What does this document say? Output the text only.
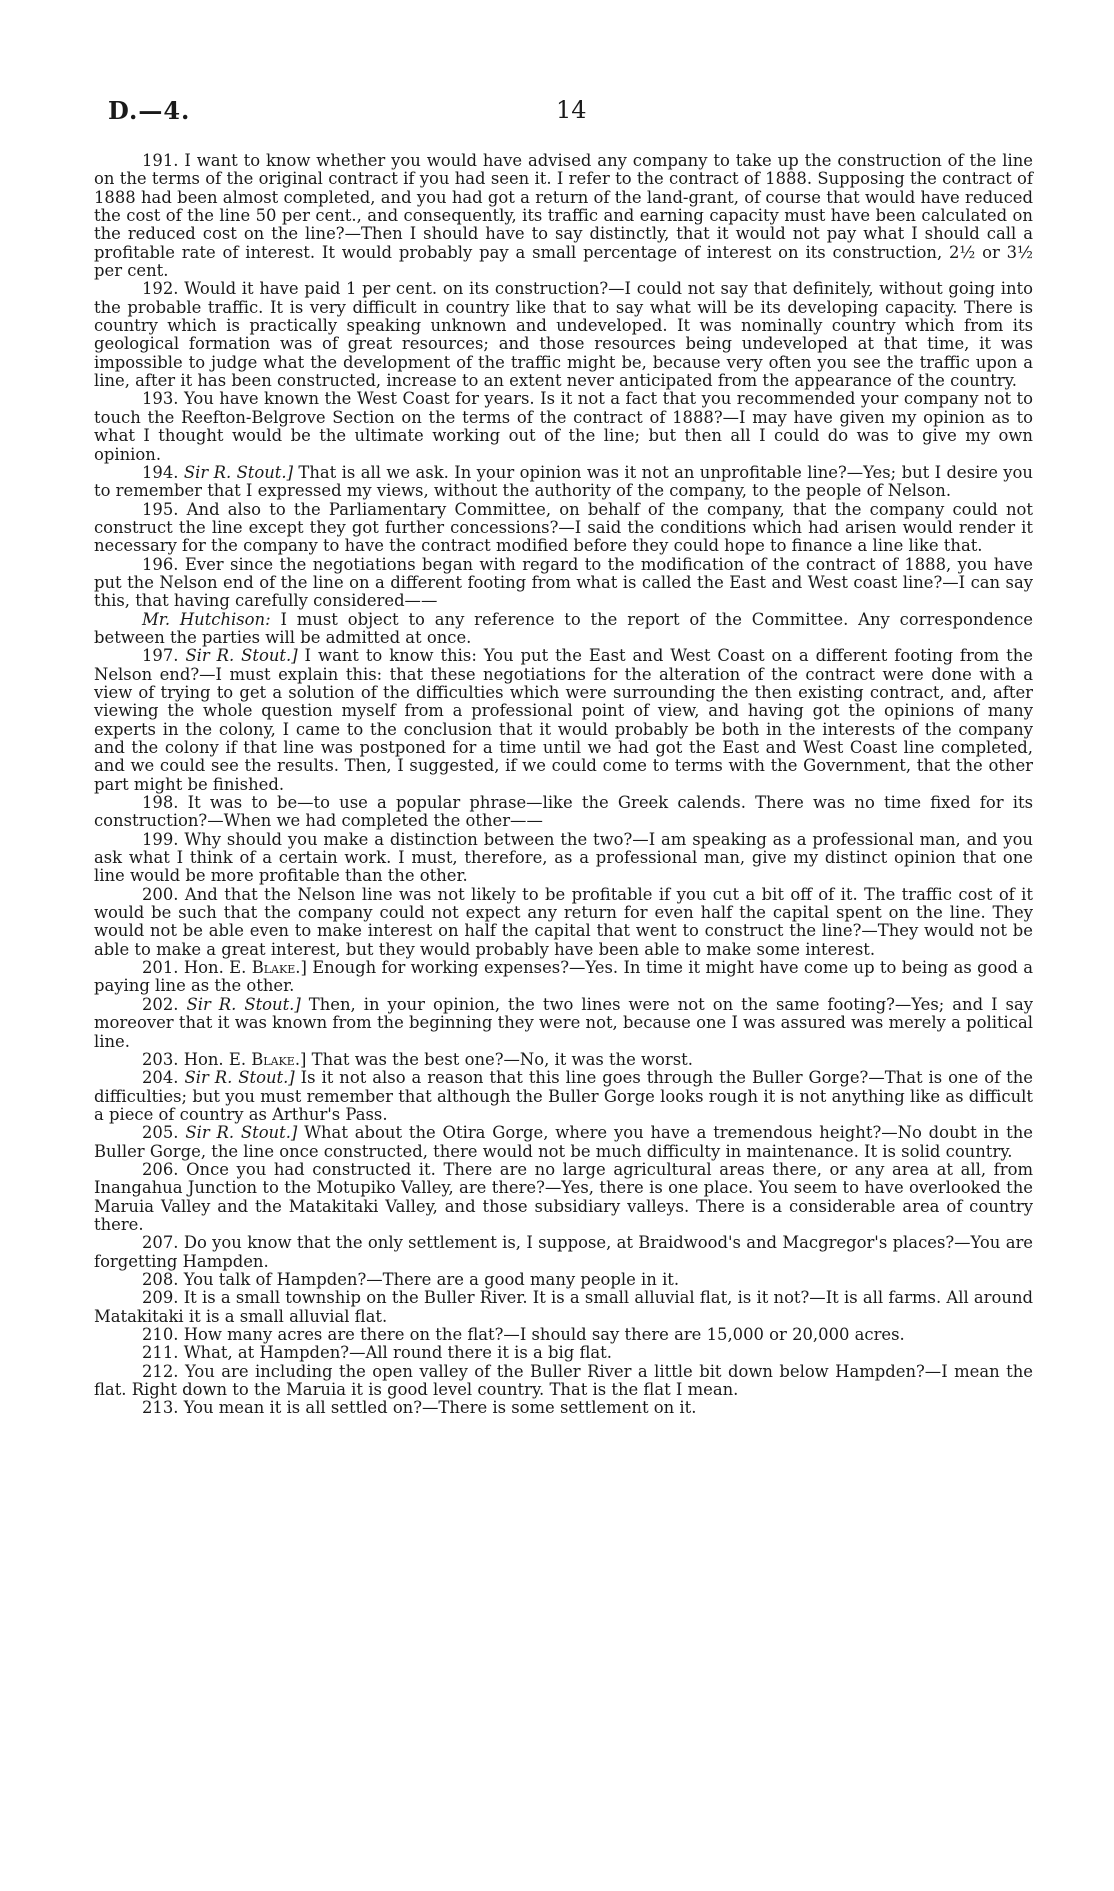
D.—4.	14

191. I want to know whether you would have advised any company to take up the construction of the line on the terms of the original contract if you had seen it. I refer to the contract of 1888. Supposing the contract of 1888 had been almost completed, and you had got a return of the land-grant, of course that would have reduced the cost of the line 50 per cent., and consequently, its traffic and earning capacity must have been calculated on the reduced cost on the line?—Then I should have to say distinctly, that it would not pay what I should call a profitable rate of interest. It would probably pay a small percentage of interest on its construction, 2½ or 3½ per cent.

192. Would it have paid 1 per cent. on its construction?—I could not say that definitely, without going into the probable traffic. It is very difficult in country like that to say what will be its developing capacity. There is country which is practically speaking unknown and undeveloped. It was nominally country which from its geological formation was of great resources; and those resources being undeveloped at that time, it was impossible to judge what the development of the traffic might be, because very often you see the traffic upon a line, after it has been constructed, increase to an extent never anticipated from the appearance of the country.

193. You have known the West Coast for years. Is it not a fact that you recommended your company not to touch the Reefton-Belgrove Section on the terms of the contract of 1888?—I may have given my opinion as to what I thought would be the ultimate working out of the line; but then all I could do was to give my own opinion.

194. Sir R. Stout.] That is all we ask. In your opinion was it not an unprofitable line?—Yes; but I desire you to remember that I expressed my views, without the authority of the company, to the people of Nelson.

195. And also to the Parliamentary Committee, on behalf of the company, that the company could not construct the line except they got further concessions?—I said the conditions which had arisen would render it necessary for the company to have the contract modified before they could hope to finance a line like that.

196. Ever since the negotiations began with regard to the modification of the contract of 1888, you have put the Nelson end of the line on a different footing from what is called the East and West coast line?—I can say this, that having carefully considered——

Mr. Hutchison: I must object to any reference to the report of the Committee. Any correspondence between the parties will be admitted at once.

197. Sir R. Stout.] I want to know this: You put the East and West Coast on a different footing from the Nelson end?—I must explain this: that these negotiations for the alteration of the contract were done with a view of trying to get a solution of the difficulties which were surrounding the then existing contract, and, after viewing the whole question myself from a professional point of view, and having got the opinions of many experts in the colony, I came to the conclusion that it would probably be both in the interests of the company and the colony if that line was postponed for a time until we had got the East and West Coast line completed, and we could see the results. Then, I suggested, if we could come to terms with the Government, that the other part might be finished.

198. It was to be—to use a popular phrase—like the Greek calends. There was no time fixed for its construction?—When we had completed the other——

199. Why should you make a distinction between the two?—I am speaking as a professional man, and you ask what I think of a certain work. I must, therefore, as a professional man, give my distinct opinion that one line would be more profitable than the other.

200. And that the Nelson line was not likely to be profitable if you cut a bit off of it. The traffic cost of it would be such that the company could not expect any return for even half the capital spent on the line. They would not be able even to make interest on half the capital that went to construct the line?—They would not be able to make a great interest, but they would probably have been able to make some interest.

201. Hon. E. Blake.] Enough for working expenses?—Yes. In time it might have come up to being as good a paying line as the other.

202. Sir R. Stout.] Then, in your opinion, the two lines were not on the same footing?—Yes; and I say moreover that it was known from the beginning they were not, because one I was assured was merely a political line.

203. Hon. E. Blake.] That was the best one?—No, it was the worst.

204. Sir R. Stout.] Is it not also a reason that this line goes through the Buller Gorge?—That is one of the difficulties; but you must remember that although the Buller Gorge looks rough it is not anything like as difficult a piece of country as Arthur's Pass.

205. Sir R. Stout.] What about the Otira Gorge, where you have a tremendous height?—No doubt in the Buller Gorge, the line once constructed, there would not be much difficulty in maintenance. It is solid country.

206. Once you had constructed it. There are no large agricultural areas there, or any area at all, from Inangahua Junction to the Motupiko Valley, are there?—Yes, there is one place. You seem to have overlooked the Maruia Valley and the Matakitaki Valley, and those subsidiary valleys. There is a considerable area of country there.

207. Do you know that the only settlement is, I suppose, at Braidwood's and Macgregor's places?—You are forgetting Hampden.

208. You talk of Hampden?—There are a good many people in it.

209. It is a small township on the Buller River. It is a small alluvial flat, is it not?—It is all farms. All around Matakitaki it is a small alluvial flat.

210. How many acres are there on the flat?—I should say there are 15,000 or 20,000 acres.

211. What, at Hampden?—All round there it is a big flat.

212. You are including the open valley of the Buller River a little bit down below Hampden?—I mean the flat. Right down to the Maruia it is good level country. That is the flat I mean.

213. You mean it is all settled on?—There is some settlement on it.
